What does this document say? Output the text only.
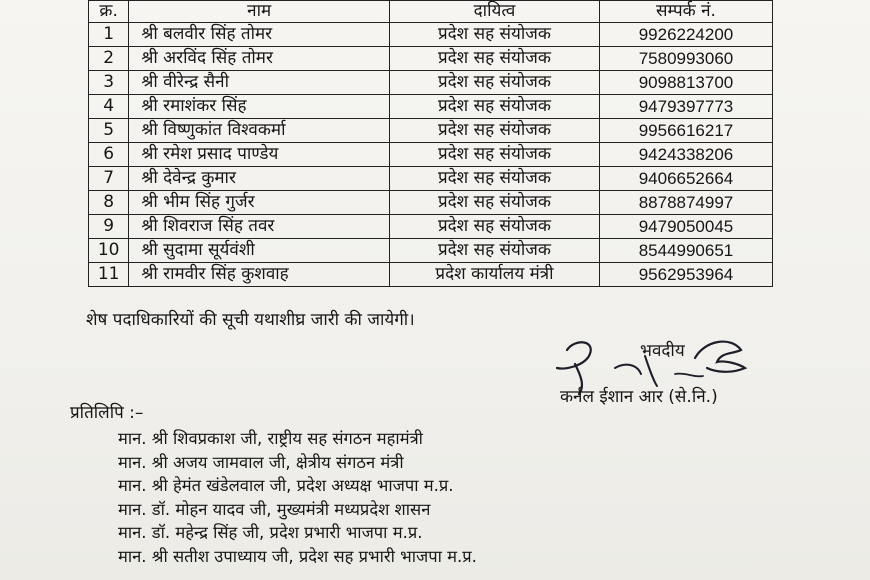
क्र.	नाम	दायित्व	सम्पर्क नं.
1	श्री बलवीर सिंह तोमर	प्रदेश सह संयोजक	9926224200
2	श्री अरविंद सिंह तोमर	प्रदेश सह संयोजक	7580993060
3	श्री वीरेन्द्र सैनी	प्रदेश सह संयोजक	9098813700
4	श्री रमाशंकर सिंह	प्रदेश सह संयोजक	9479397773
5	श्री विष्णुकांत विश्वकर्मा	प्रदेश सह संयोजक	9956616217
6	श्री रमेश प्रसाद पाण्डेय	प्रदेश सह संयोजक	9424338206
7	श्री देवेन्द्र कुमार	प्रदेश सह संयोजक	9406652664
8	श्री भीम सिंह गुर्जर	प्रदेश सह संयोजक	8878874997
9	श्री शिवराज सिंह तवर	प्रदेश सह संयोजक	9479050045
10	श्री सुदामा सूर्यवंशी	प्रदेश सह संयोजक	8544990651
11	श्री रामवीर सिंह कुशवाह	प्रदेश कार्यालय मंत्री	9562953964
शेष पदाधिकारियों की सूची यथाशीघ्र जारी की जायेगी।
भवदीय
कर्नल ईशान आर (से.नि.)
प्रतिलिपि :–
मान. श्री शिवप्रकाश जी, राष्ट्रीय सह संगठन महामंत्री
मान. श्री अजय जामवाल जी, क्षेत्रीय संगठन मंत्री
मान. श्री हेमंत खंडेलवाल जी, प्रदेश अध्यक्ष भाजपा म.प्र.
मान. डॉ. मोहन यादव जी, मुख्यमंत्री मध्यप्रदेश शासन
मान. डॉ. महेन्द्र सिंह जी, प्रदेश प्रभारी भाजपा म.प्र.
मान. श्री सतीश उपाध्याय जी, प्रदेश सह प्रभारी भाजपा म.प्र.
